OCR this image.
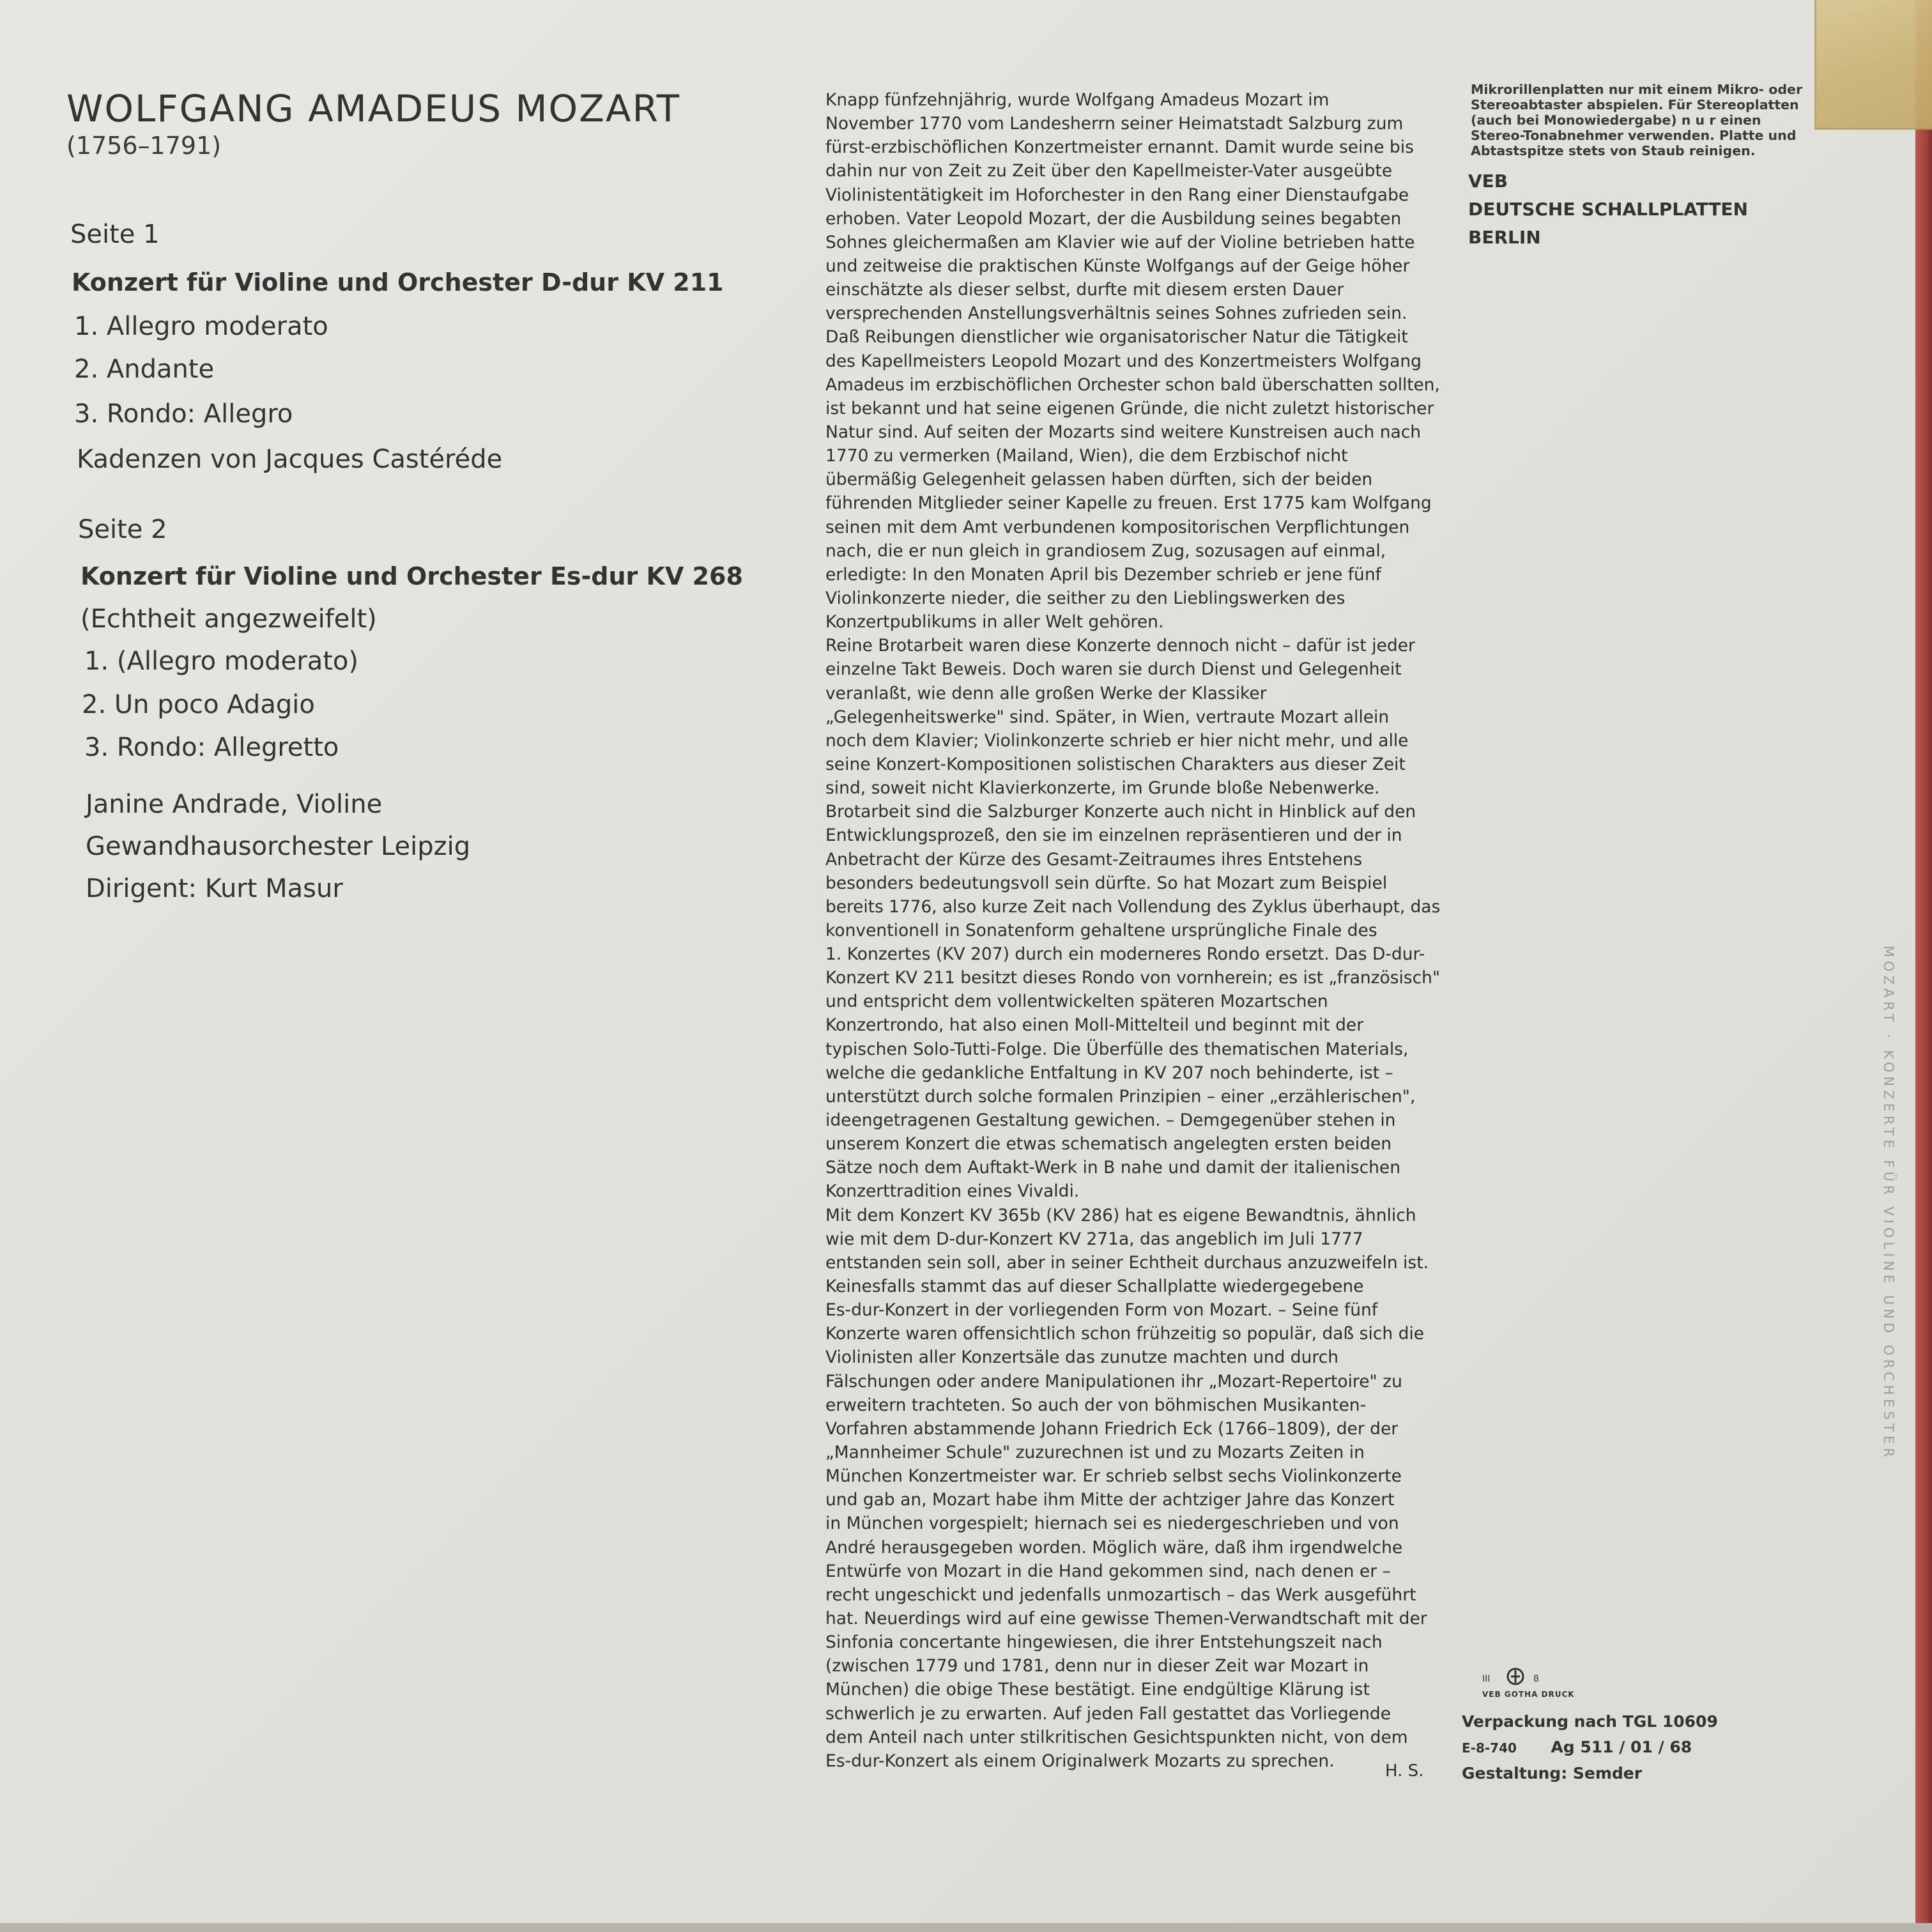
MOZART · KONZERTE FÜR VIOLINE UND ORCHESTER
WOLFGANG AMADEUS MOZART
(1756–1791)
Seite 1
Konzert für Violine und Orchester D-dur KV 211
1. Allegro moderato
2. Andante
3. Rondo: Allegro
Kadenzen von Jacques Castéréde
Seite 2
Konzert für Violine und Orchester Es-dur KV 268
(Echtheit angezweifelt)
1. (Allegro moderato)
2. Un poco Adagio
3. Rondo: Allegretto
Janine Andrade, Violine
Gewandhausorchester Leipzig
Dirigent: Kurt Masur
Knapp fünfzehnjährig, wurde Wolfgang Amadeus Mozart im
November 1770 vom Landesherrn seiner Heimatstadt Salzburg zum
fürst-erzbischöflichen Konzertmeister ernannt. Damit wurde seine bis
dahin nur von Zeit zu Zeit über den Kapellmeister-Vater ausgeübte
Violinistentätigkeit im Hoforchester in den Rang einer Dienstaufgabe
erhoben. Vater Leopold Mozart, der die Ausbildung seines begabten
Sohnes gleichermaßen am Klavier wie auf der Violine betrieben hatte
und zeitweise die praktischen Künste Wolfgangs auf der Geige höher
einschätzte als dieser selbst, durfte mit diesem ersten Dauer
versprechenden Anstellungsverhältnis seines Sohnes zufrieden sein.
Daß Reibungen dienstlicher wie organisatorischer Natur die Tätigkeit
des Kapellmeisters Leopold Mozart und des Konzertmeisters Wolfgang
Amadeus im erzbischöflichen Orchester schon bald überschatten sollten,
ist bekannt und hat seine eigenen Gründe, die nicht zuletzt historischer
Natur sind. Auf seiten der Mozarts sind weitere Kunstreisen auch nach
1770 zu vermerken (Mailand, Wien), die dem Erzbischof nicht
übermäßig Gelegenheit gelassen haben dürften, sich der beiden
führenden Mitglieder seiner Kapelle zu freuen. Erst 1775 kam Wolfgang
seinen mit dem Amt verbundenen kompositorischen Verpflichtungen
nach, die er nun gleich in grandiosem Zug, sozusagen auf einmal,
erledigte: In den Monaten April bis Dezember schrieb er jene fünf
Violinkonzerte nieder, die seither zu den Lieblingswerken des
Konzertpublikums in aller Welt gehören.
Reine Brotarbeit waren diese Konzerte dennoch nicht – dafür ist jeder
einzelne Takt Beweis. Doch waren sie durch Dienst und Gelegenheit
veranlaßt, wie denn alle großen Werke der Klassiker
„Gelegenheitswerke" sind. Später, in Wien, vertraute Mozart allein
noch dem Klavier; Violinkonzerte schrieb er hier nicht mehr, und alle
seine Konzert-Kompositionen solistischen Charakters aus dieser Zeit
sind, soweit nicht Klavierkonzerte, im Grunde bloße Nebenwerke.
Brotarbeit sind die Salzburger Konzerte auch nicht in Hinblick auf den
Entwicklungsprozeß, den sie im einzelnen repräsentieren und der in
Anbetracht der Kürze des Gesamt-Zeitraumes ihres Entstehens
besonders bedeutungsvoll sein dürfte. So hat Mozart zum Beispiel
bereits 1776, also kurze Zeit nach Vollendung des Zyklus überhaupt, das
konventionell in Sonatenform gehaltene ursprüngliche Finale des
1. Konzertes (KV 207) durch ein moderneres Rondo ersetzt. Das D-dur-
Konzert KV 211 besitzt dieses Rondo von vornherein; es ist „französisch"
und entspricht dem vollentwickelten späteren Mozartschen
Konzertrondo, hat also einen Moll-Mittelteil und beginnt mit der
typischen Solo-Tutti-Folge. Die Überfülle des thematischen Materials,
welche die gedankliche Entfaltung in KV 207 noch behinderte, ist –
unterstützt durch solche formalen Prinzipien – einer „erzählerischen",
ideengetragenen Gestaltung gewichen. – Demgegenüber stehen in
unserem Konzert die etwas schematisch angelegten ersten beiden
Sätze noch dem Auftakt-Werk in B nahe und damit der italienischen
Konzerttradition eines Vivaldi.
Mit dem Konzert KV 365b (KV 286) hat es eigene Bewandtnis, ähnlich
wie mit dem D-dur-Konzert KV 271a, das angeblich im Juli 1777
entstanden sein soll, aber in seiner Echtheit durchaus anzuzweifeln ist.
Keinesfalls stammt das auf dieser Schallplatte wiedergegebene
Es-dur-Konzert in der vorliegenden Form von Mozart. – Seine fünf
Konzerte waren offensichtlich schon frühzeitig so populär, daß sich die
Violinisten aller Konzertsäle das zunutze machten und durch
Fälschungen oder andere Manipulationen ihr „Mozart-Repertoire" zu
erweitern trachteten. So auch der von böhmischen Musikanten-
Vorfahren abstammende Johann Friedrich Eck (1766–1809), der der
„Mannheimer Schule" zuzurechnen ist und zu Mozarts Zeiten in
München Konzertmeister war. Er schrieb selbst sechs Violinkonzerte
und gab an, Mozart habe ihm Mitte der achtziger Jahre das Konzert
in München vorgespielt; hiernach sei es niedergeschrieben und von
André herausgegeben worden. Möglich wäre, daß ihm irgendwelche
Entwürfe von Mozart in die Hand gekommen sind, nach denen er –
recht ungeschickt und jedenfalls unmozartisch – das Werk ausgeführt
hat. Neuerdings wird auf eine gewisse Themen-Verwandtschaft mit der
Sinfonia concertante hingewiesen, die ihrer Entstehungszeit nach
(zwischen 1779 und 1781, denn nur in dieser Zeit war Mozart in
München) die obige These bestätigt. Eine endgültige Klärung ist
schwerlich je zu erwarten. Auf jeden Fall gestattet das Vorliegende
dem Anteil nach unter stilkritischen Gesichtspunkten nicht, von dem
Es-dur-Konzert als einem Originalwerk Mozarts zu sprechen.
H. S.
Mikrorillenplatten nur mit einem Mikro- oder
Stereoabtaster abspielen. Für Stereoplatten
(auch bei Monowiedergabe) n u r einen
Stereo-Tonabnehmer verwenden. Platte und
Abtastspitze stets von Staub reinigen.
VEB
DEUTSCHE SCHALLPLATTEN
BERLIN
III	8
VEB GOTHA DRUCK
Verpackung nach TGL 10609
E-8-740 Ag 511 / 01 / 68
Gestaltung: Semder
